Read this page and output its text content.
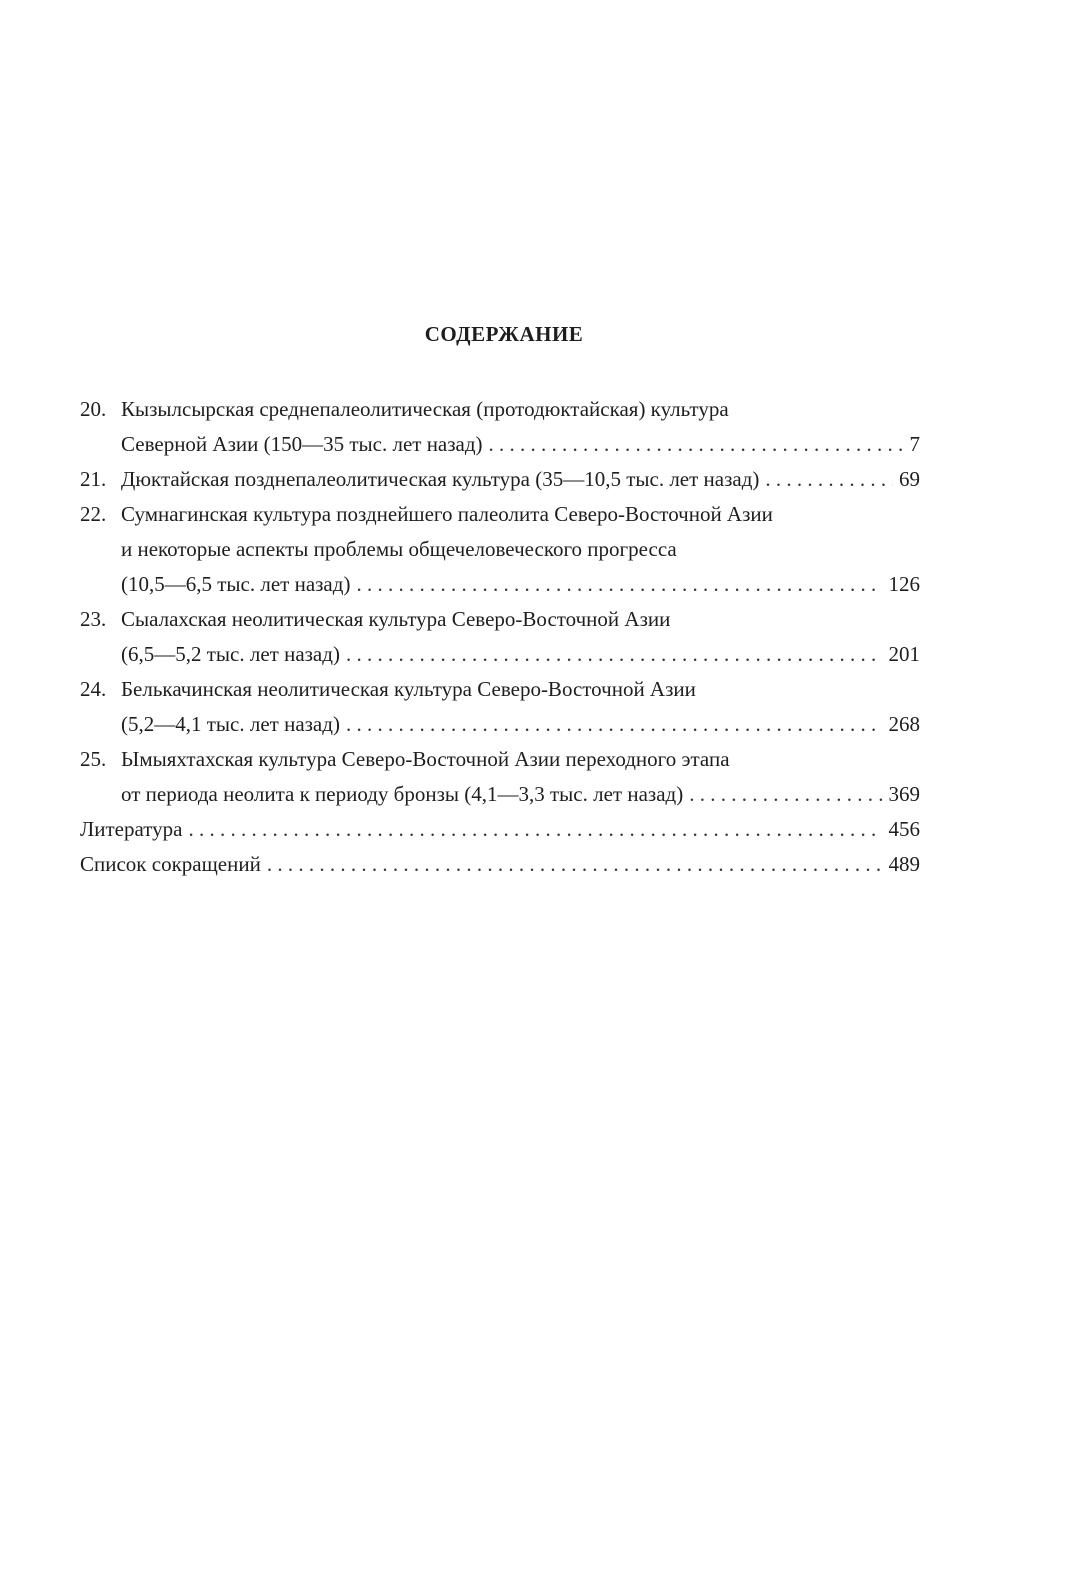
СОДЕРЖАНИЕ
20. Кызылсырская среднепалеолитическая (протодюктайская) культура
Северной Азии (150—35 тыс. лет назад) . . .	7
21. Дюктайская позднепалеолитическая культура (35—10,5 тыс. лет назад) . . .	69
22. Сумнагинская культура позднейшего палеолита Северо-Восточной Азии
и некоторые аспекты проблемы общечеловеческого прогресса
(10,5—6,5 тыс. лет назад) . . .	126
23. Сыалахская неолитическая культура Северо-Восточной Азии
(6,5—5,2 тыс. лет назад) . . .	201
24. Белькачинская неолитическая культура Северо-Восточной Азии
(5,2—4,1 тыс. лет назад) . . .	268
25. Ымыяхтахская культура Северо-Восточной Азии переходного этапа
от периода неолита к периоду бронзы (4,1—3,3 тыс. лет назад) . . .	369
Литература . . .	456
Список сокращений . . .	489
